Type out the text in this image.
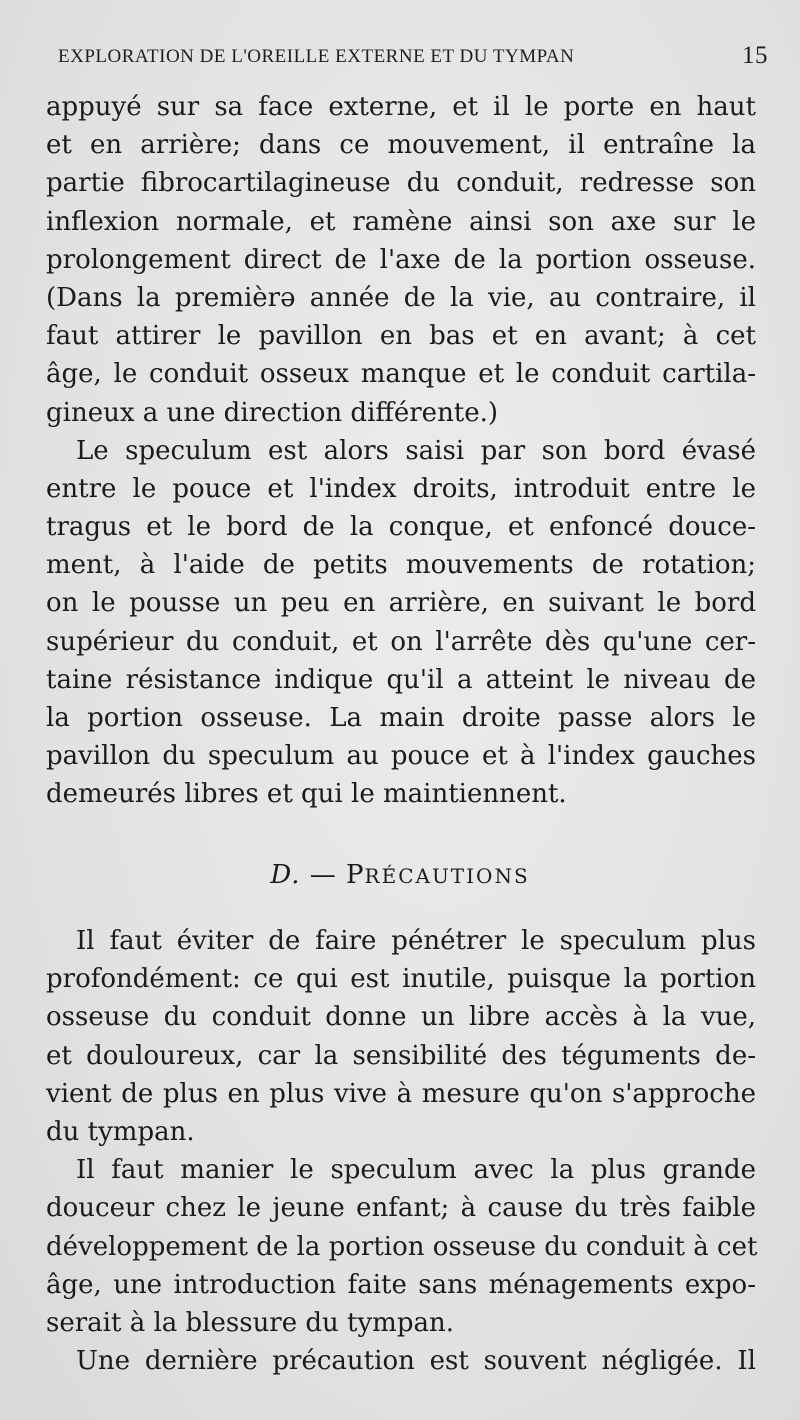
EXPLORATION DE L'OREILLE EXTERNE ET DU TYMPAN	15
appuyé sur sa face externe, et il le porte en haut
et en arrière; dans ce mouvement, il entraîne la
partie fibrocartilagineuse du conduit, redresse son
inflexion normale, et ramène ainsi son axe sur le
prolongement direct de l'axe de la portion osseuse.
(Dans la premièrə année de la vie, au contraire, il
faut attirer le pavillon en bas et en avant; à cet
âge, le conduit osseux manque et le conduit cartila-
gineux a une direction différente.)
Le speculum est alors saisi par son bord évasé
entre le pouce et l'index droits, introduit entre le
tragus et le bord de la conque, et enfoncé douce-
ment, à l'aide de petits mouvements de rotation;
on le pousse un peu en arrière, en suivant le bord
supérieur du conduit, et on l'arrête dès qu'une cer-
taine résistance indique qu'il a atteint le niveau de
la portion osseuse. La main droite passe alors le
pavillon du speculum au pouce et à l'index gauches
demeurés libres et qui le maintiennent.
D. — PRÉCAUTIONS
Il faut éviter de faire pénétrer le speculum plus
profondément: ce qui est inutile, puisque la portion
osseuse du conduit donne un libre accès à la vue,
et douloureux, car la sensibilité des téguments de-
vient de plus en plus vive à mesure qu'on s'approche
du tympan.
Il faut manier le speculum avec la plus grande
douceur chez le jeune enfant; à cause du très faible
développement de la portion osseuse du conduit à cet
âge, une introduction faite sans ménagements expo-
serait à la blessure du tympan.
Une dernière précaution est souvent négligée. Il
